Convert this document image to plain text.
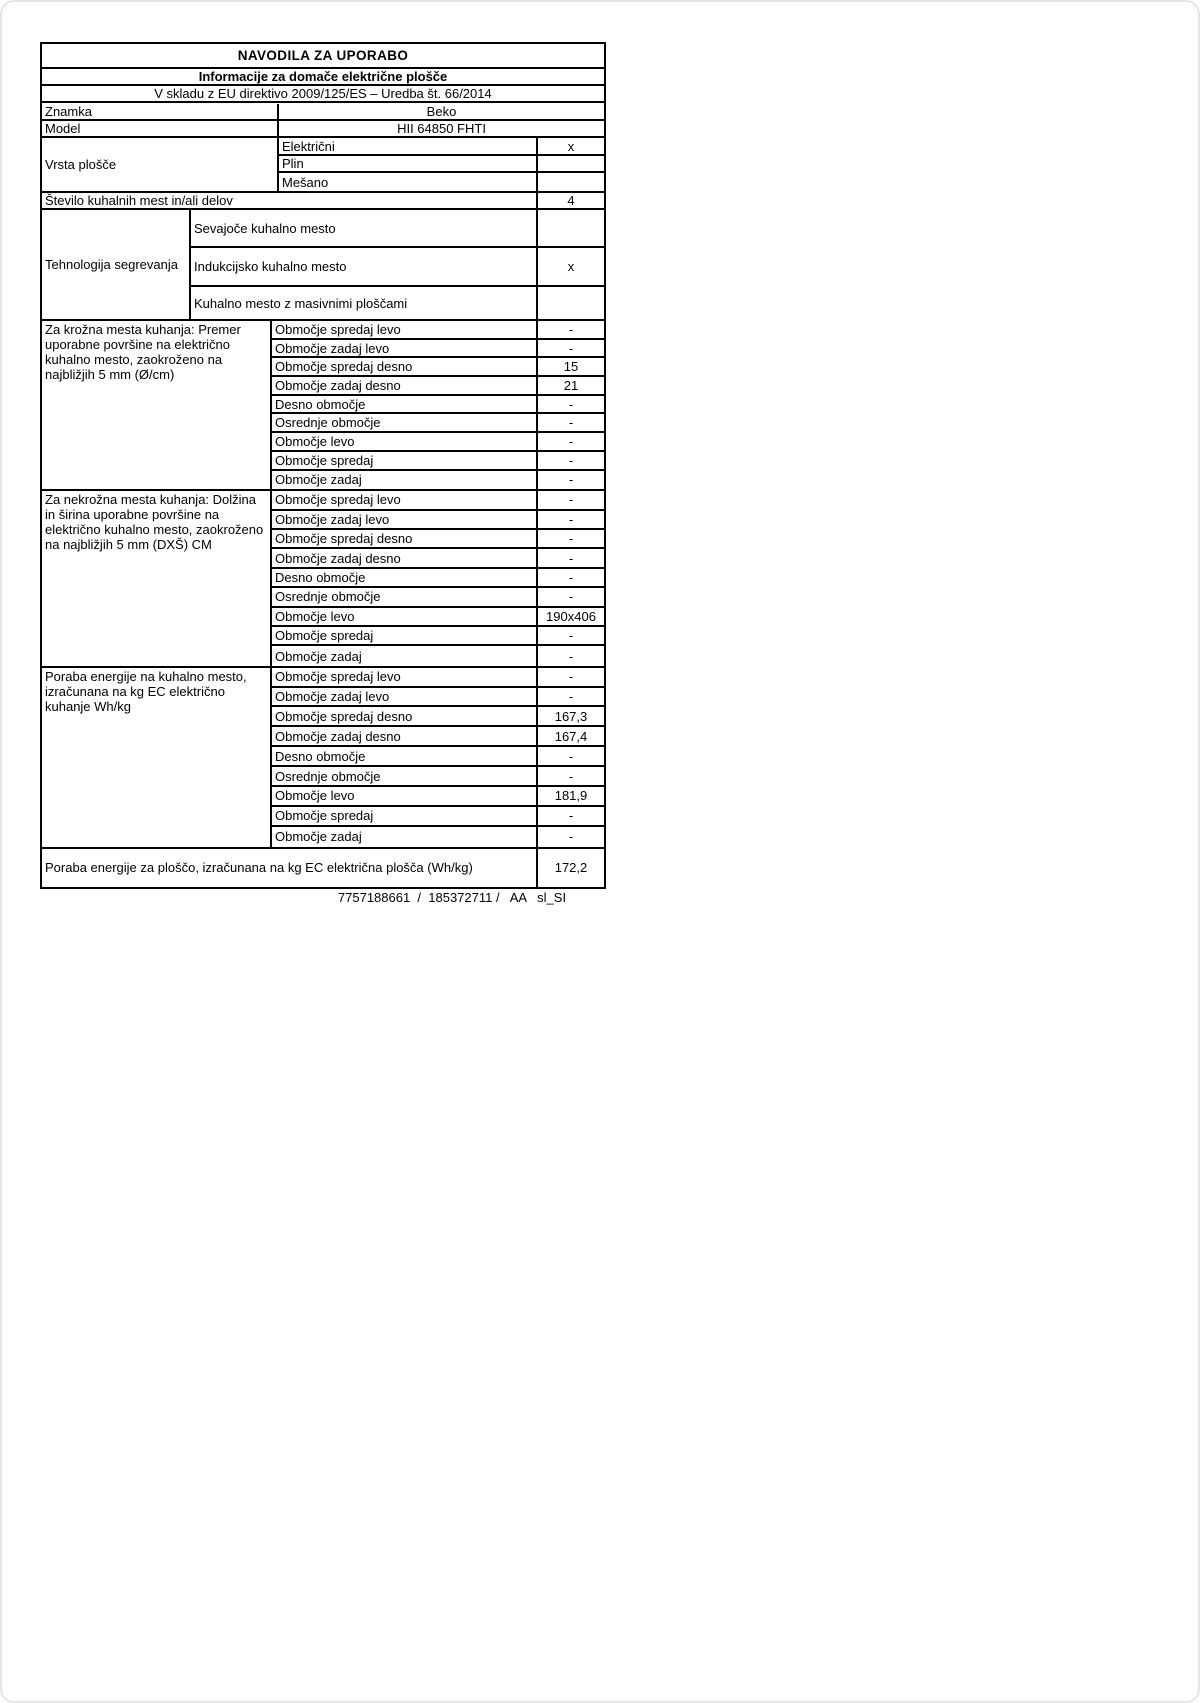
NAVODILA ZA UPORABO
Informacije za domače električne plošče
V skladu z EU direktivo 2009/125/ES – Uredba št. 66/2014
Znamka	Beko
Model	HII 64850 FHTI
Vrsta plošče
Električni	x
Plin
Mešano
Število kuhalnih mest in/ali delov	4
Tehnologija segrevanja
Sevajoče kuhalno mesto
Indukcijsko kuhalno mesto	x
Kuhalno mesto z masivnimi ploščami
Za krožna mesta kuhanja: Premer uporabne površine na električno kuhalno mesto, zaokroženo na najbližjih 5 mm (Ø/cm)
Območje spredaj levo	-
Območje zadaj levo	-
Območje spredaj desno	15
Območje zadaj desno	21
Desno območje	-
Osrednje območje	-
Območje levo	-
Območje spredaj	-
Območje zadaj	-
Za nekrožna mesta kuhanja: Dolžina in širina uporabne površine na električno kuhalno mesto, zaokroženo na najbližjih 5 mm (DXŠ) CM
Območje spredaj levo	-
Območje zadaj levo	-
Območje spredaj desno	-
Območje zadaj desno	-
Desno območje	-
Osrednje območje	-
Območje levo	190x406
Območje spredaj	-
Območje zadaj	-
Poraba energije na kuhalno mesto, izračunana na kg EC električno kuhanje Wh/kg
Območje spredaj levo	-
Območje zadaj levo	-
Območje spredaj desno	167,3
Območje zadaj desno	167,4
Desno območje	-
Osrednje območje	-
Območje levo	181,9
Območje spredaj	-
Območje zadaj	-
Poraba energije za ploščo, izračunana na kg EC električna plošča (Wh/kg)	172,2
7757188661  /  185372711 /   AA   sl_SI
